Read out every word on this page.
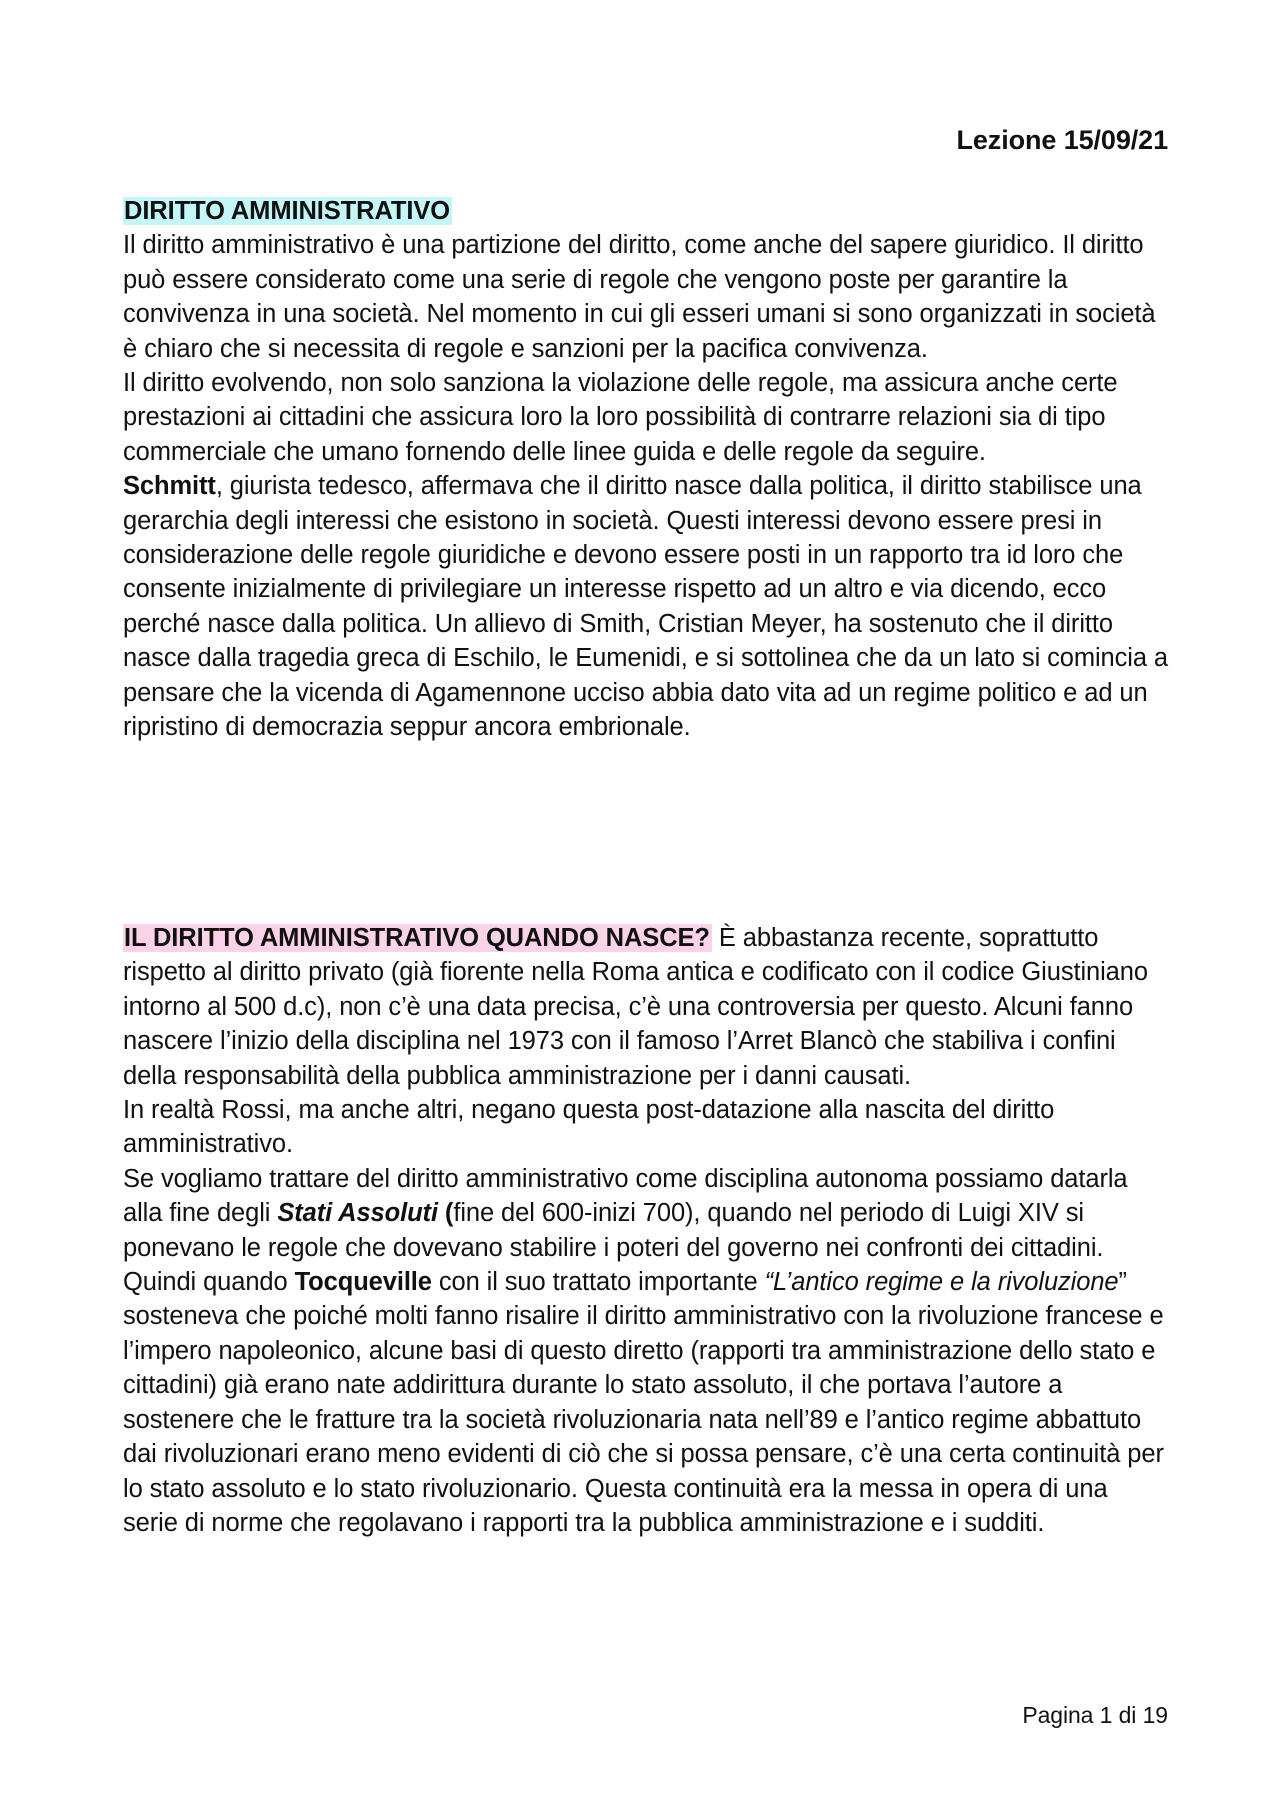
Lezione 15/09/21

DIRITTO AMMINISTRATIVO

Il diritto amministrativo è una partizione del diritto, come anche del sapere giuridico. Il diritto può essere considerato come una serie di regole che vengono poste per garantire la convivenza in una società. Nel momento in cui gli esseri umani si sono organizzati in società è chiaro che si necessita di regole e sanzioni per la pacifica convivenza.

Il diritto evolvendo, non solo sanziona la violazione delle regole, ma assicura anche certe prestazioni ai cittadini che assicura loro la loro possibilità di contrarre relazioni sia di tipo commerciale che umano fornendo delle linee guida e delle regole da seguire.

Schmitt, giurista tedesco, affermava che il diritto nasce dalla politica, il diritto stabilisce una gerarchia degli interessi che esistono in società. Questi interessi devono essere presi in considerazione delle regole giuridiche e devono essere posti in un rapporto tra id loro che consente inizialmente di privilegiare un interesse rispetto ad un altro e via dicendo, ecco perché nasce dalla politica. Un allievo di Smith, Cristian Meyer, ha sostenuto che il diritto nasce dalla tragedia greca di Eschilo, le Eumenidi, e si sottolinea che da un lato si comincia a pensare che la vicenda di Agamennone ucciso abbia dato vita ad un regime politico e ad un ripristino di democrazia seppur ancora embrionale.

IL DIRITTO AMMINISTRATIVO QUANDO NASCE? È abbastanza recente, soprattutto rispetto al diritto privato (già fiorente nella Roma antica e codificato con il codice Giustiniano intorno al 500 d.c), non c’è una data precisa, c’è una controversia per questo. Alcuni fanno nascere l’inizio della disciplina nel 1973 con il famoso l’Arret Blancò che stabiliva i confini della responsabilità della pubblica amministrazione per i danni causati.

In realtà Rossi, ma anche altri, negano questa post-datazione alla nascita del diritto amministrativo.

Se vogliamo trattare del diritto amministrativo come disciplina autonoma possiamo datarla alla fine degli Stati Assoluti (fine del 600-inizi 700), quando nel periodo di Luigi XIV si ponevano le regole che dovevano stabilire i poteri del governo nei confronti dei cittadini. Quindi quando Tocqueville con il suo trattato importante “L’antico regime e la rivoluzione” sosteneva che poiché molti fanno risalire il diritto amministrativo con la rivoluzione francese e l’impero napoleonico, alcune basi di questo diretto (rapporti tra amministrazione dello stato e cittadini) già erano nate addirittura durante lo stato assoluto, il che portava l’autore a sostenere che le fratture tra la società rivoluzionaria nata nell’89 e l’antico regime abbattuto dai rivoluzionari erano meno evidenti di ciò che si possa pensare, c’è una certa continuità per lo stato assoluto e lo stato rivoluzionario. Questa continuità era la messa in opera di una serie di norme che regolavano i rapporti tra la pubblica amministrazione e i sudditi.

Pagina 1 di 19
